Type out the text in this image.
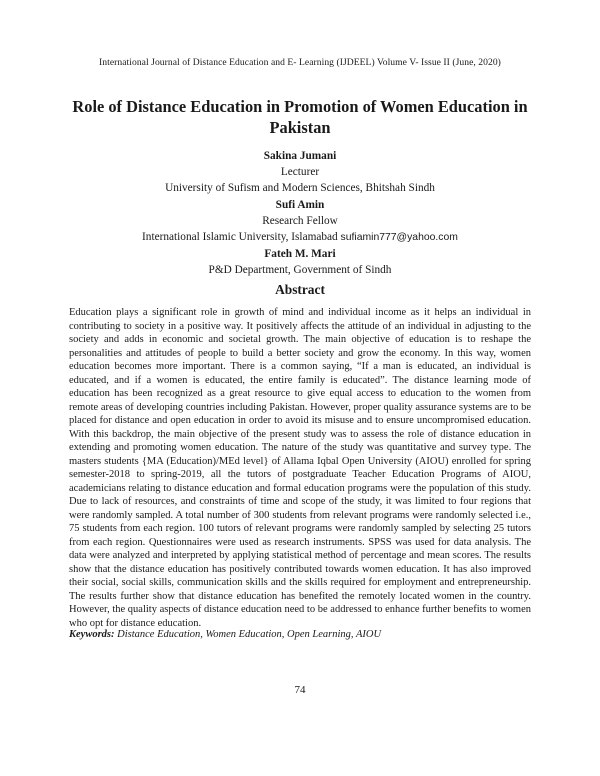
International Journal of Distance Education and E- Learning (IJDEEL) Volume V- Issue II (June, 2020)
Role of Distance Education in Promotion of Women Education in Pakistan
Sakina Jumani
Lecturer
University of Sufism and Modern Sciences, Bhitshah Sindh
Sufi Amin
Research Fellow
International Islamic University, Islamabad sufiamin777@yahoo.com
Fateh M. Mari
P&D Department, Government of Sindh
Abstract

Education plays a significant role in growth of mind and individual income as it helps an individual in contributing to society in a positive way. It positively affects the attitude of an individual in adjusting to the society and adds in economic and societal growth. The main objective of education is to reshape the personalities and attitudes of people to build a better society and grow the economy. In this way, women education becomes more important. There is a common saying, “If a man is educated, an individual is educated, and if a women is educated, the entire family is educated”. The distance learning mode of education has been recognized as a great resource to give equal access to education to the women from remote areas of developing countries including Pakistan. However, proper quality assurance systems are to be placed for distance and open education in order to avoid its misuse and to ensure uncompromised education. With this backdrop, the main objective of the present study was to assess the role of distance education in extending and promoting women education. The nature of the study was quantitative and survey type. The masters students {MA (Education)/MEd level} of Allama Iqbal Open University (AIOU) enrolled for spring semester-2018 to spring-2019, all the tutors of postgraduate Teacher Education Programs of AIOU, academicians relating to distance education and formal education programs were the population of this study. Due to lack of resources, and constraints of time and scope of the study, it was limited to four regions that were randomly sampled. A total number of 300 students from relevant programs were randomly selected i.e., 75 students from each region. 100 tutors of relevant programs were randomly sampled by selecting 25 tutors from each region. Questionnaires were used as research instruments. SPSS was used for data analysis. The data were analyzed and interpreted by applying statistical method of percentage and mean scores. The results show that the distance education has positively contributed towards women education. It has also improved their social, social skills, communication skills and the skills required for employment and entrepreneurship. The results further show that distance education has benefited the remotely located women in the country. However, the quality aspects of distance education need to be addressed to enhance further benefits to women who opt for distance education.

Keywords: Distance Education, Women Education, Open Learning, AIOU

74
